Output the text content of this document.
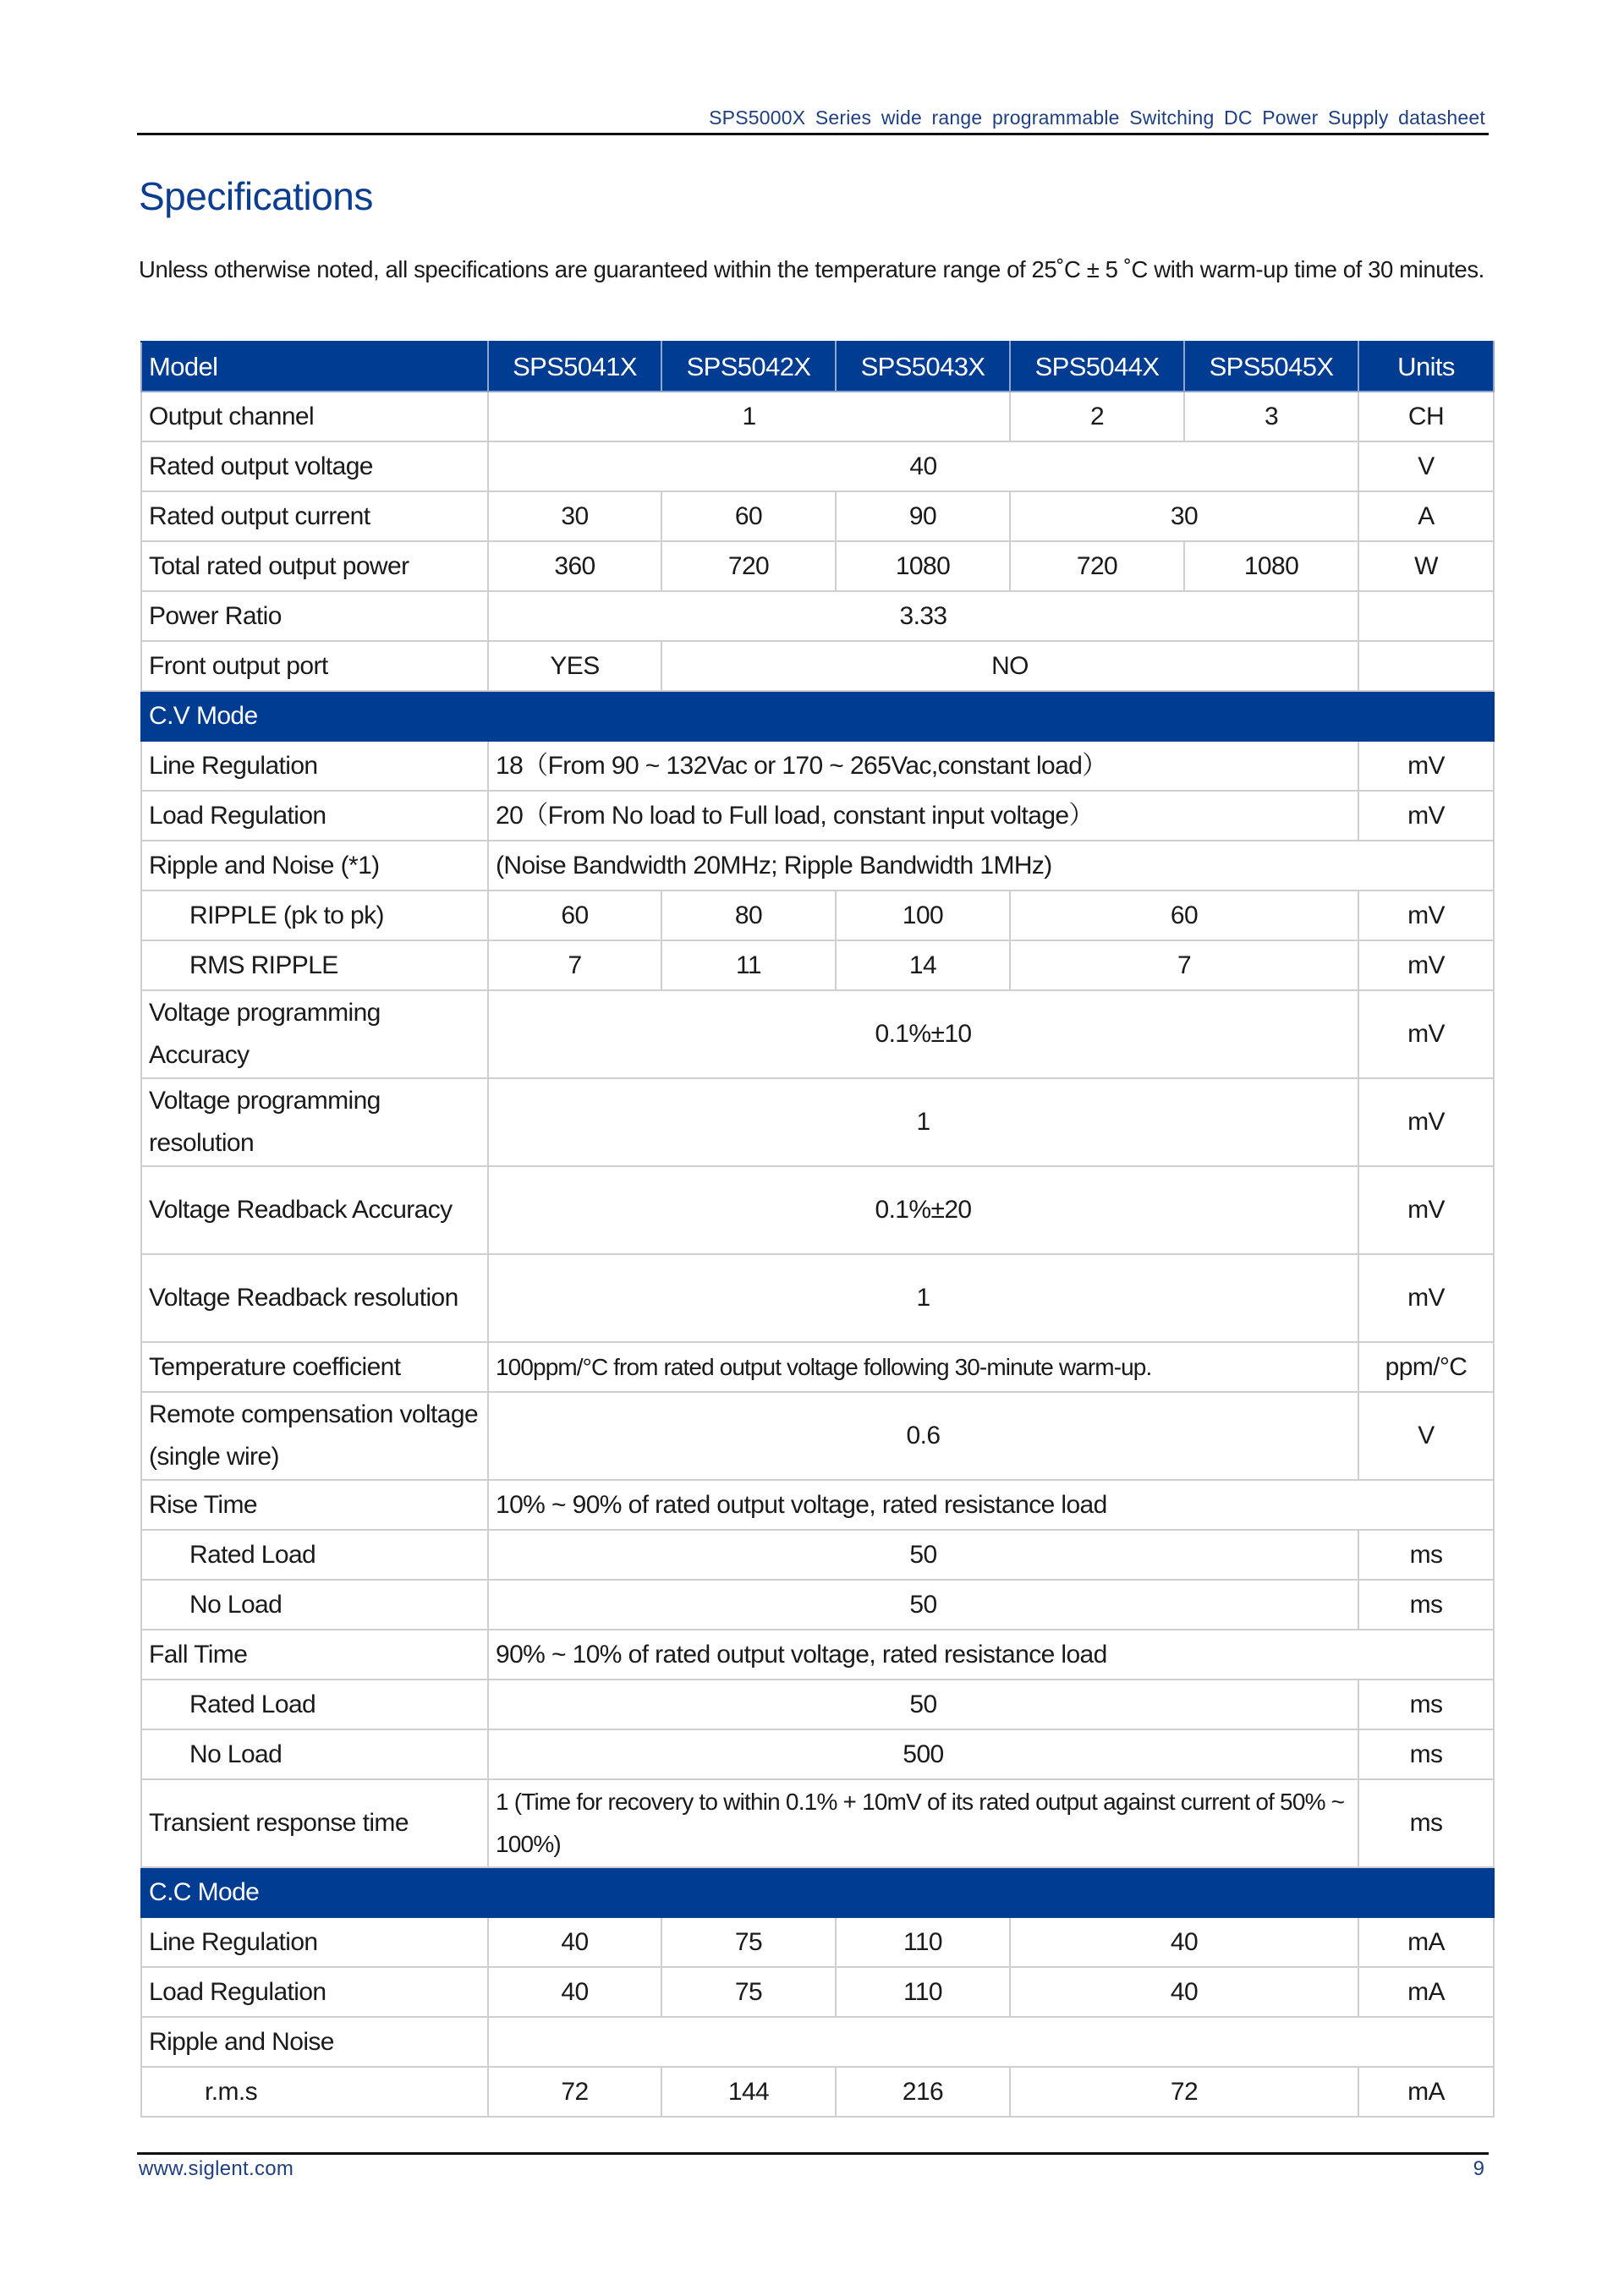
SPS5000X Series wide range programmable Switching DC Power Supply datasheet
Specifications

Unless otherwise noted, all specifications are guaranteed within the temperature range of 25˚C ± 5 ˚C with warm-up time of 30 minutes.

Model	SPS5041X	SPS5042X	SPS5043X	SPS5044X	SPS5045X	Units
Output channel	1			2	3	CH
Rated output voltage	40					V
Rated output current	30	60	90	30		A
Total rated output power	360	720	1080	720	1080	W
Power Ratio	3.33					
Front output port	YES	NO				
C.V Mode						
Line Regulation	18（From 90 ~ 132Vac or 170 ~ 265Vac,constant load）					mV
Load Regulation	20（From No load to Full load, constant input voltage）					mV
Ripple and Noise (*1)	(Noise Bandwidth 20MHz; Ripple Bandwidth 1MHz)					
RIPPLE (pk to pk)	60	80	100	60		mV
RMS RIPPLE	7	11	14	7		mV
Voltage programming Accuracy	0.1%±10					mV
Voltage programming resolution	1					mV
Voltage Readback Accuracy	0.1%±20					mV
Voltage Readback resolution	1					mV
Temperature coefficient	100ppm/°C from rated output voltage following 30-minute warm-up.					ppm/°C
Remote compensation voltage (single wire)	0.6					V
Rise Time	10% ~ 90% of rated output voltage, rated resistance load					
Rated Load	50					ms
No Load	50					ms
Fall Time	90% ~ 10% of rated output voltage, rated resistance load					
Rated Load	50					ms
No Load	500					ms
Transient response time	1 (Time for recovery to within 0.1% + 10mV of its rated output against current of 50% ~ 100%)					ms
C.C Mode						
Line Regulation	40	75	110	40		mA
Load Regulation	40	75	110	40		mA
Ripple and Noise						
r.m.s	72	144	216	72		mA
www.siglent.com	9
